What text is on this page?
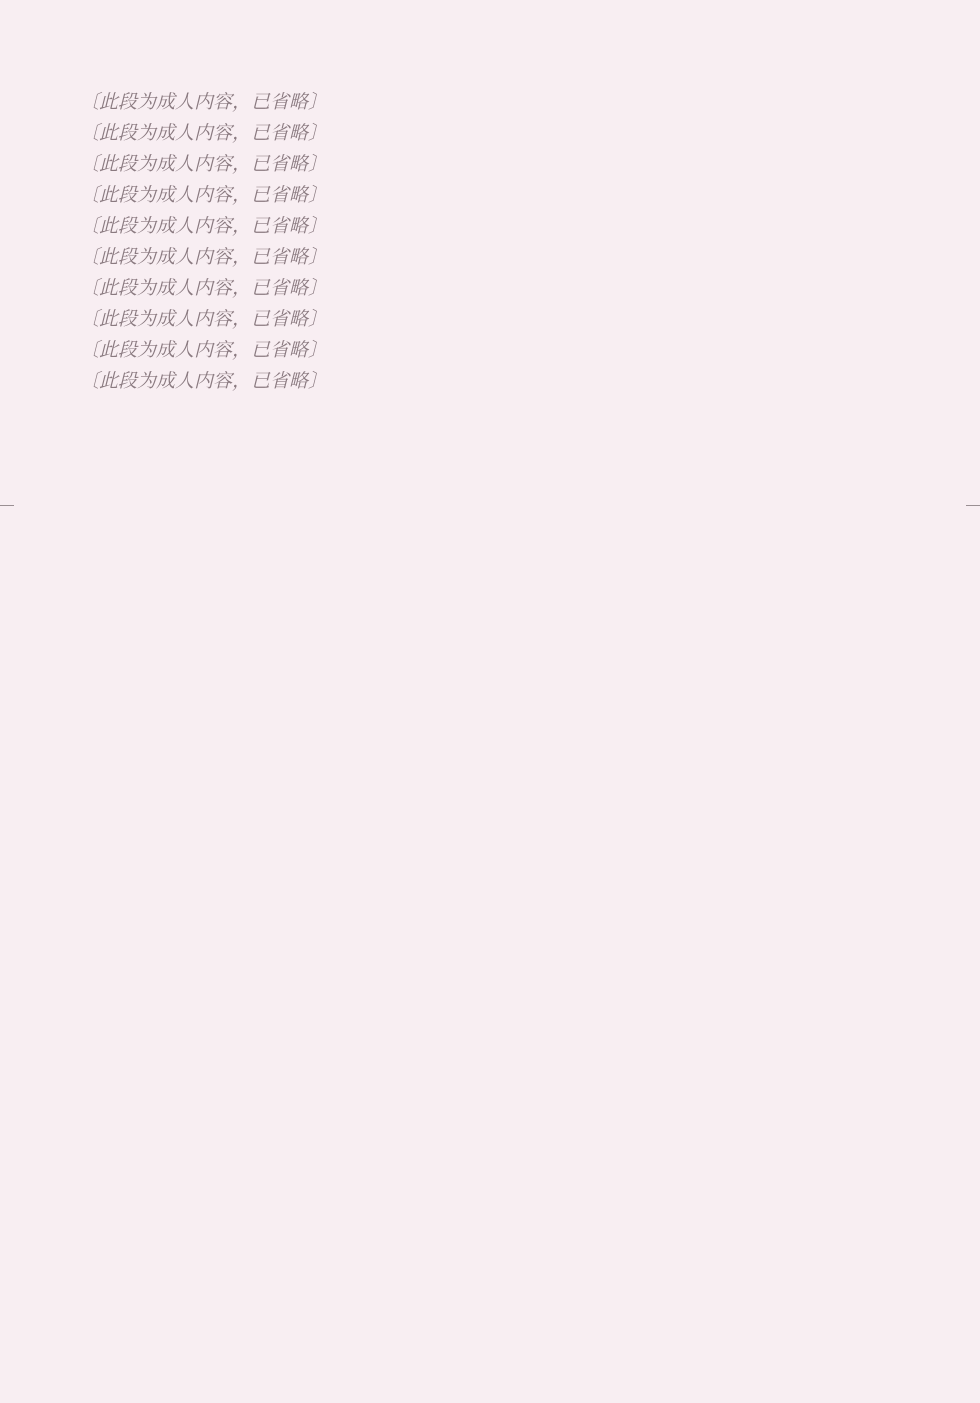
〔此段为成人内容，已省略〕

〔此段为成人内容，已省略〕

〔此段为成人内容，已省略〕

〔此段为成人内容，已省略〕

〔此段为成人内容，已省略〕

〔此段为成人内容，已省略〕

〔此段为成人内容，已省略〕

〔此段为成人内容，已省略〕

〔此段为成人内容，已省略〕

〔此段为成人内容，已省略〕
